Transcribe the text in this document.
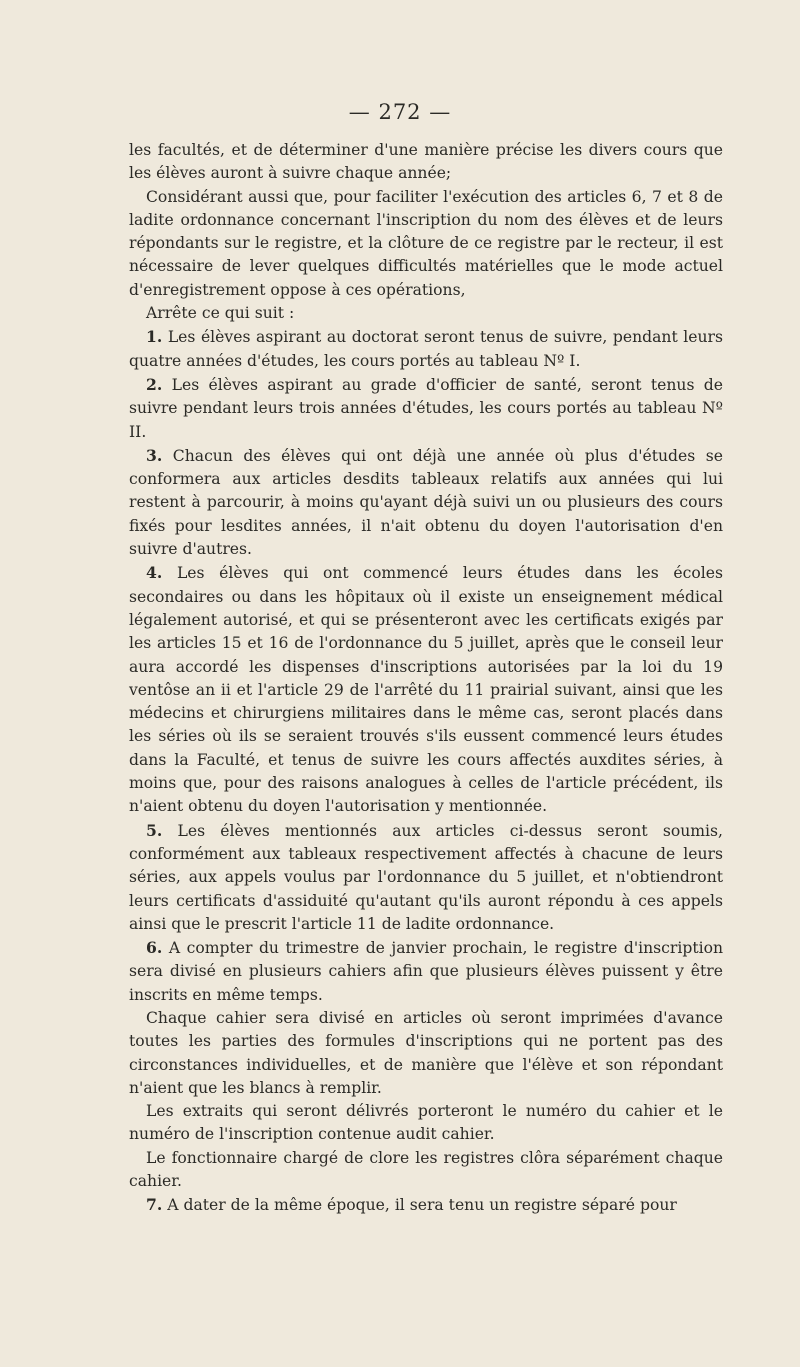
— 272 —

les facultés, et de déterminer d'une manière précise les divers cours que les élèves auront à suivre chaque année;

Considérant aussi que, pour faciliter l'exécution des articles 6, 7 et 8 de ladite ordonnance concernant l'inscription du nom des élèves et de leurs répondants sur le registre, et la clôture de ce registre par le recteur, il est nécessaire de lever quelques difficultés matérielles que le mode actuel d'enregistrement oppose à ces opérations,

Arrête ce qui suit :

1. Les élèves aspirant au doctorat seront tenus de suivre, pendant leurs quatre années d'études, les cours portés au tableau Nº I.

2. Les élèves aspirant au grade d'officier de santé, seront tenus de suivre pendant leurs trois années d'études, les cours portés au tableau Nº II.

3. Chacun des élèves qui ont déjà une année où plus d'études se conformera aux articles desdits tableaux relatifs aux années qui lui restent à parcourir, à moins qu'ayant déjà suivi un ou plusieurs des cours fixés pour lesdites années, il n'ait obtenu du doyen l'autorisation d'en suivre d'autres.

4. Les élèves qui ont commencé leurs études dans les écoles secondaires ou dans les hôpitaux où il existe un enseignement médical légalement autorisé, et qui se présenteront avec les certificats exigés par les articles 15 et 16 de l'ordonnance du 5 juillet, après que le conseil leur aura accordé les dispenses d'inscriptions autorisées par la loi du 19 ventôse an ii et l'article 29 de l'arrêté du 11 prairial suivant, ainsi que les médecins et chirurgiens militaires dans le même cas, seront placés dans les séries où ils se seraient trouvés s'ils eussent commencé leurs études dans la Faculté, et tenus de suivre les cours affectés auxdites séries, à moins que, pour des raisons analogues à celles de l'article précédent, ils n'aient obtenu du doyen l'autorisation y mentionnée.

5. Les élèves mentionnés aux articles ci-dessus seront soumis, conformément aux tableaux respectivement affectés à chacune de leurs séries, aux appels voulus par l'ordonnance du 5 juillet, et n'obtiendront leurs certificats d'assiduité qu'autant qu'ils auront répondu à ces appels ainsi que le prescrit l'article 11 de ladite ordonnance.

6. A compter du trimestre de janvier prochain, le registre d'inscription sera divisé en plusieurs cahiers afin que plusieurs élèves puissent y être inscrits en même temps.

Chaque cahier sera divisé en articles où seront imprimées d'avance toutes les parties des formules d'inscriptions qui ne portent pas des circonstances individuelles, et de manière que l'élève et son répondant n'aient que les blancs à remplir.

Les extraits qui seront délivrés porteront le numéro du cahier et le numéro de l'inscription contenue audit cahier.

Le fonctionnaire chargé de clore les registres clôra séparément chaque cahier.

7. A dater de la même époque, il sera tenu un registre séparé pour
